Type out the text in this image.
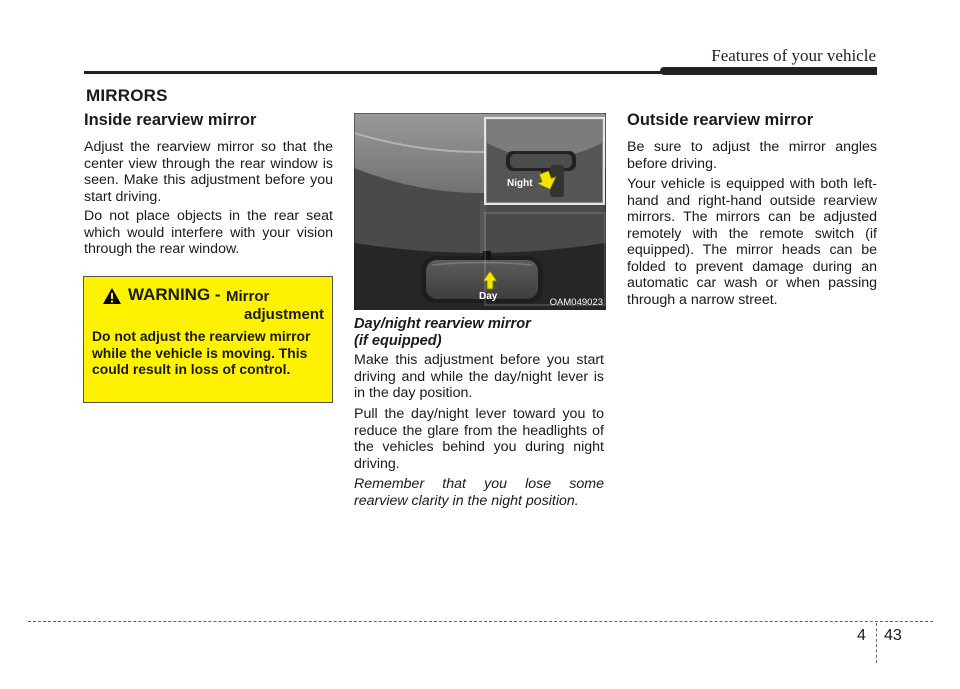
Features of your vehicle
MIRRORS
Inside rearview mirror

Adjust the rearview mirror so that the center view through the rear window is seen. Make this adjustment before you start driving.

Do not place objects in the rear seat which would interfere with your vision through the rear window.

WARNING - Mirror
adjustment

Do not adjust the rearview mirror while the vehicle is moving. This could result in loss of control.

Night
Day
OAM049023
Day/night rearview mirror
(if equipped)

Make this adjustment before you start driving and while the day/night lever is in the day position.

Pull the day/night lever toward you to reduce the glare from the headlights of the vehicles behind you during night driving.

Remember that you lose some rearview clarity in the night position.

Outside rearview mirror

Be sure to adjust the mirror angles before driving.

Your vehicle is equipped with both left-hand and right-hand outside rearview mirrors. The mirrors can be adjusted remotely with the remote switch (if equipped). The mirror heads can be folded to prevent damage during an automatic car wash or when passing through a narrow street.

4 43
